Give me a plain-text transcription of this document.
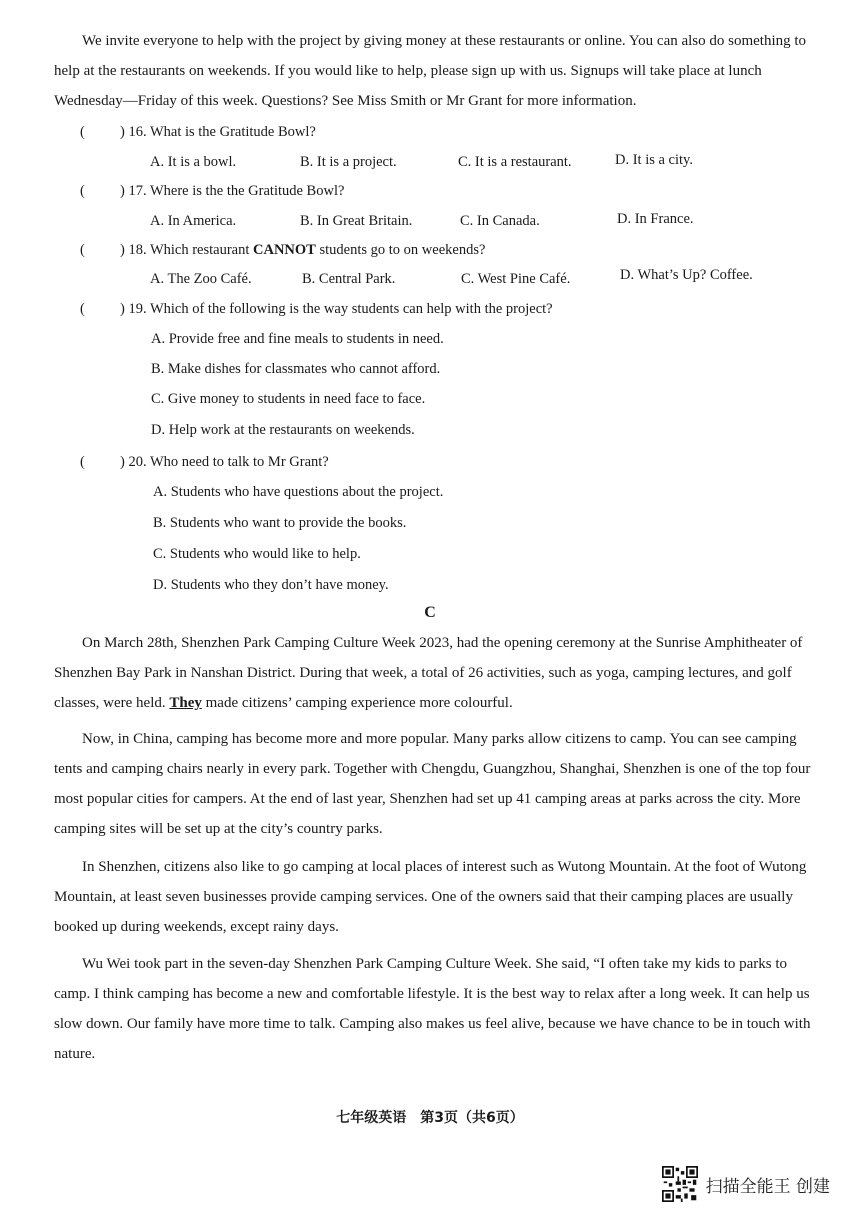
We invite everyone to help with the project by giving money at these restaurants or online. You can also do something to help at the restaurants on weekends. If you would like to help, please sign up with us. Signups will take place at lunch Wednesday—Friday of this week. Questions? See Miss Smith or Mr Grant for more information.

( ) 16. What is the Gratitude Bowl?
A. It is a bowl.	B. It is a project.	C. It is a restaurant.	D. It is a city.
( ) 17. Where is the the Gratitude Bowl?
A. In America.	B. In Great Britain.	C. In Canada.	D. In France.
( ) 18. Which restaurant CANNOT students go to on weekends?
A. The Zoo Café.	B. Central Park.	C. West Pine Café.	D. What’s Up? Coffee.
( ) 19. Which of the following is the way students can help with the project?
A. Provide free and fine meals to students in need.
B. Make dishes for classmates who cannot afford.
C. Give money to students in need face to face.
D. Help work at the restaurants on weekends.
( ) 20. Who need to talk to Mr Grant?
A. Students who have questions about the project.
B. Students who want to provide the books.
C. Students who would like to help.
D. Students who they don’t have money.
C

On March 28th, Shenzhen Park Camping Culture Week 2023, had the opening ceremony at the Sunrise Amphitheater of Shenzhen Bay Park in Nanshan District. During that week, a total of 26 activities, such as yoga, camping lectures, and golf classes, were held. They made citizens’ camping experience more colourful.

Now, in China, camping has become more and more popular. Many parks allow citizens to camp. You can see camping tents and camping chairs nearly in every park. Together with Chengdu, Guangzhou, Shanghai, Shenzhen is one of the top four most popular cities for campers. At the end of last year, Shenzhen had set up 41 camping areas at parks across the city. More camping sites will be set up at the city’s country parks.

In Shenzhen, citizens also like to go camping at local places of interest such as Wutong Mountain. At the foot of Wutong Mountain, at least seven businesses provide camping services. One of the owners said that their camping places are usually booked up during weekends, except rainy days.

Wu Wei took part in the seven-day Shenzhen Park Camping Culture Week. She said, “I often take my kids to parks to camp. I think camping has become a new and comfortable lifestyle. It is the best way to relax after a long week. It can help us slow down. Our family have more time to talk. Camping also makes us feel alive, because we have chance to be in touch with nature.

七年级英语　第3页（共6页）
扫描全能王 创建
